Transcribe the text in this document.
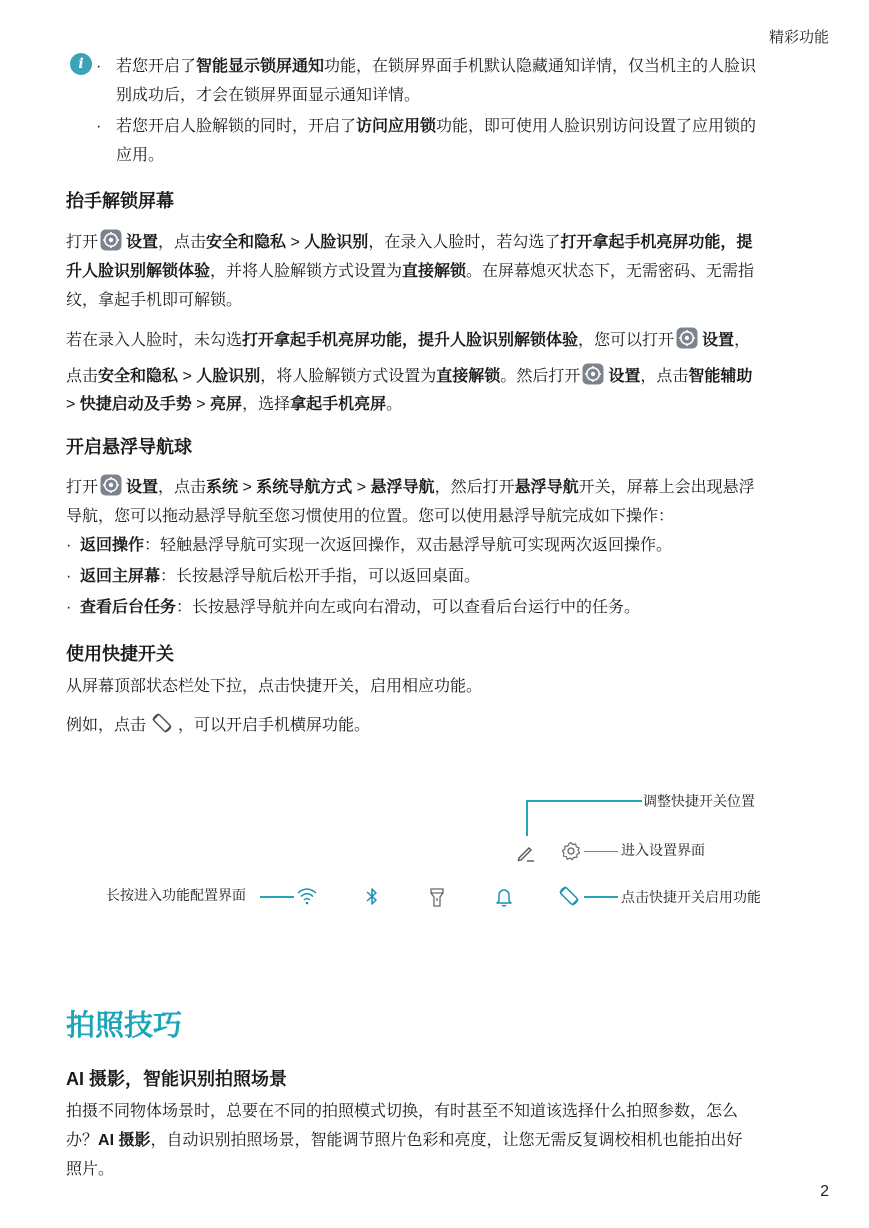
精彩功能
i · 若您开启了智能显示锁屏通知功能，在锁屏界面手机默认隐藏通知详情，仅当机主的人脸识
别成功后，才会在锁屏界面显示通知详情。
· 若您开启人脸解锁的同时，开启了访问应用锁功能，即可使用人脸识别访问设置了应用锁的
应用。
抬手解锁屏幕
打开 设置，点击安全和隐私 > 人脸识别，在录入人脸时，若勾选了打开拿起手机亮屏功能，提
升人脸识别解锁体验，并将人脸解锁方式设置为直接解锁。在屏幕熄灭状态下，无需密码、无需指
纹，拿起手机即可解锁。
若在录入人脸时，未勾选打开拿起手机亮屏功能，提升人脸识别解锁体验，您可以打开 设置，
点击安全和隐私 > 人脸识别，将人脸解锁方式设置为直接解锁。然后打开 设置，点击智能辅助
> 快捷启动及手势 > 亮屏，选择拿起手机亮屏。
开启悬浮导航球
打开 设置，点击系统 > 系统导航方式 > 悬浮导航，然后打开悬浮导航开关，屏幕上会出现悬浮
导航，您可以拖动悬浮导航至您习惯使用的位置。您可以使用悬浮导航完成如下操作：
· 返回操作：轻触悬浮导航可实现一次返回操作，双击悬浮导航可实现两次返回操作。
· 返回主屏幕：长按悬浮导航后松开手指，可以返回桌面。
· 查看后台任务：长按悬浮导航并向左或向右滑动，可以查看后台运行中的任务。
使用快捷开关
从屏幕顶部状态栏处下拉，点击快捷开关，启用相应功能。
例如，点击 ，可以开启手机横屏功能。
调整快捷开关位置
进入设置界面
长按进入功能配置界面	点击快捷开关启用功能
拍照技巧
AI 摄影，智能识别拍照场景
拍摄不同物体场景时，总要在不同的拍照模式切换，有时甚至不知道该选择什么拍照参数，怎么
办？AI 摄影，自动识别拍照场景，智能调节照片色彩和亮度，让您无需反复调校相机也能拍出好
照片。
2
